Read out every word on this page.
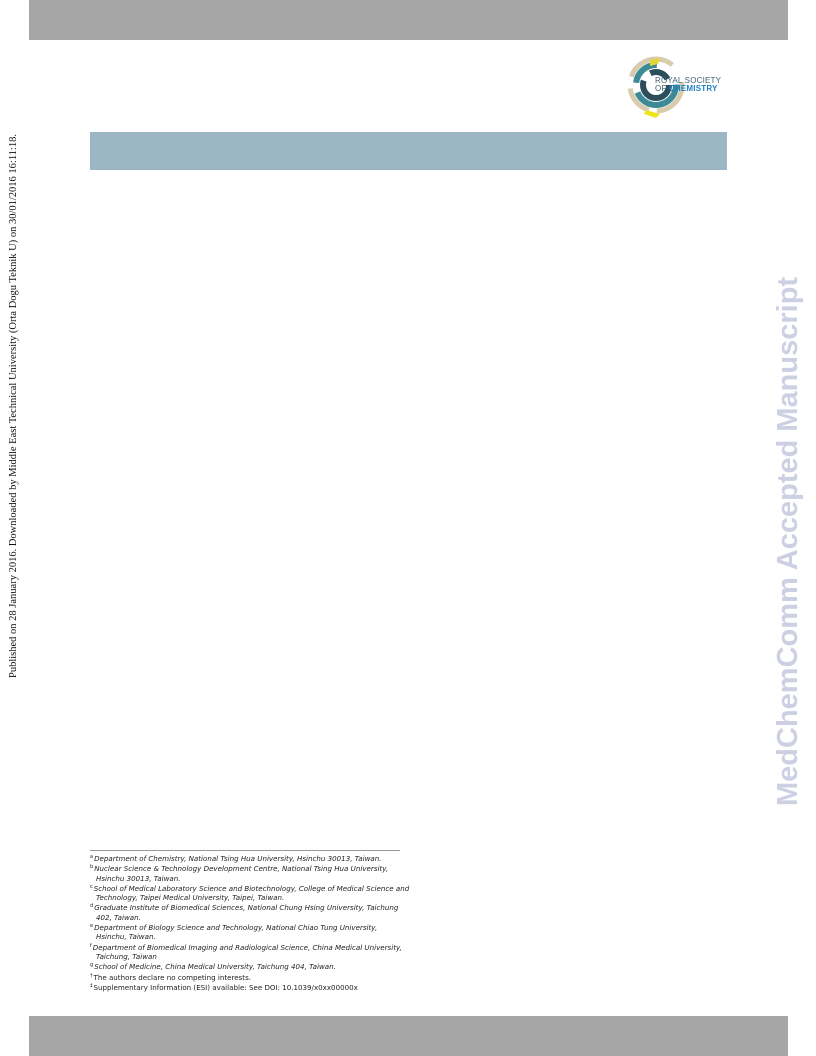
ROYAL SOCIETY
OF CHEMISTRY
Published on 28 January 2016. Downloaded by Middle East Technical University (Orta Dogu Teknik U) on 30/01/2016 16:11:18.	MedChemComm Accepted Manuscript

$^a$Department of Chemistry, National Tsing Hua University, Hsinchu 30013, Taiwan.

$^b$Nuclear Science & Technology Development Centre, National Tsing Hua University, Hsinchu 30013, Taiwan.

$^c$School of Medical Laboratory Science and Biotechnology, College of Medical Science and Technology, Taipei Medical University, Taipei, Taiwan.

$^d$Graduate Institute of Biomedical Sciences, National Chung Hsing University, Taichung 402, Taiwan.

$^e$Department of Biology Science and Technology, National Chiao Tung University, Hsinchu, Taiwan.

$^f$Department of Biomedical Imaging and Radiological Science, China Medical University, Taichung, Taiwan

$^g$School of Medicine, China Medical University, Taichung 404, Taiwan.

†The authors declare no competing interests.

‡Supplementary Information (ESI) available: See DOI: 10.1039/x0xx00000x
